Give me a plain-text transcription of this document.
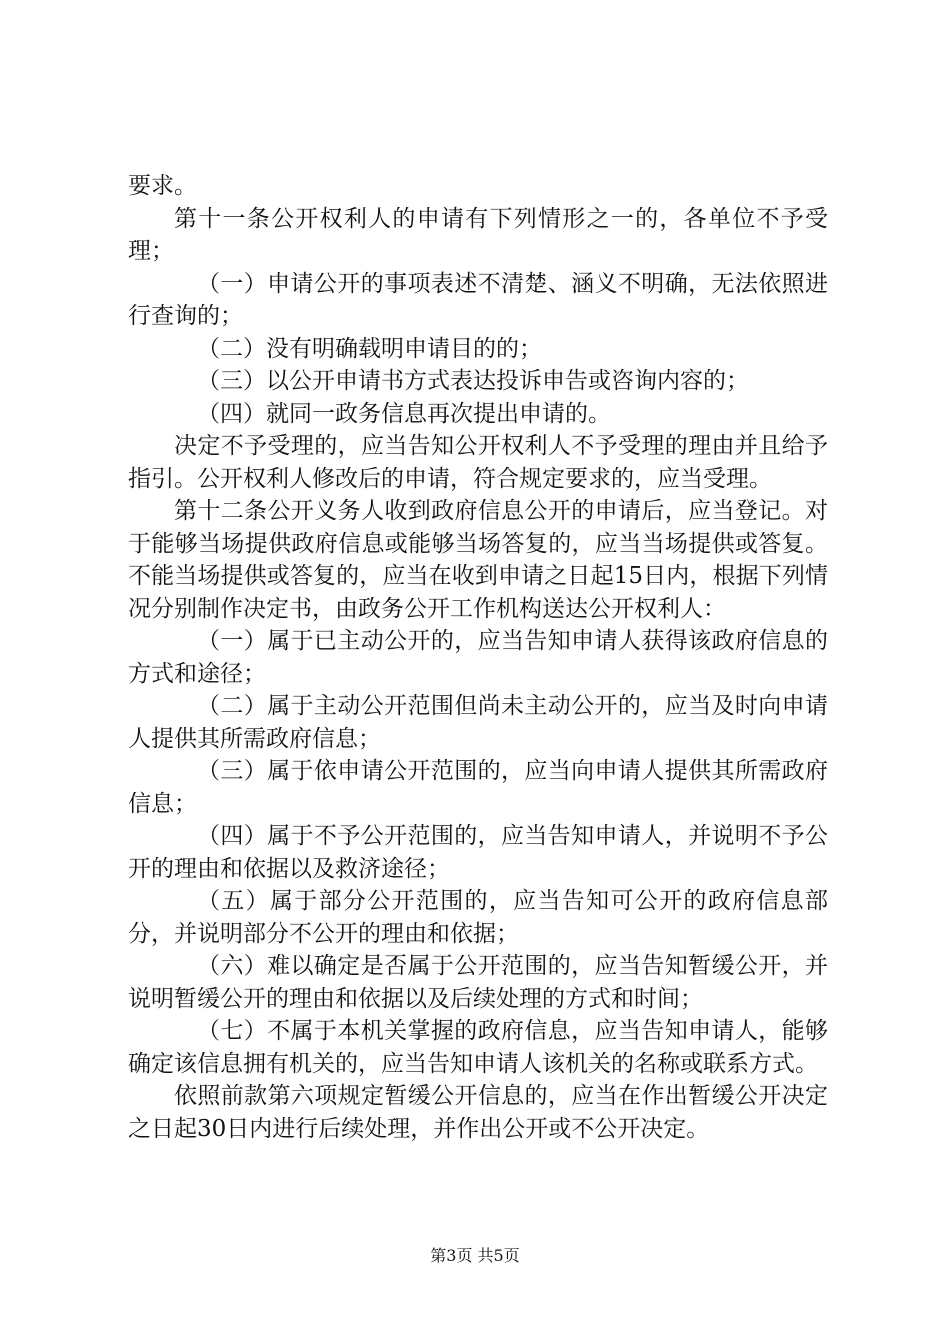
要求。

第十一条公开权利人的申请有下列情形之一的，各单位不予受理；

（一）申请公开的事项表述不清楚、涵义不明确，无法依照进行查询的；

（二）没有明确载明申请目的的；

（三）以公开申请书方式表达投诉申告或咨询内容的；

（四）就同一政务信息再次提出申请的。

决定不予受理的，应当告知公开权利人不予受理的理由并且给予指引。公开权利人修改后的申请，符合规定要求的，应当受理。

第十二条公开义务人收到政府信息公开的申请后，应当登记。对于能够当场提供政府信息或能够当场答复的，应当当场提供或答复。不能当场提供或答复的，应当在收到申请之日起15日内，根据下列情况分别制作决定书，由政务公开工作机构送达公开权利人：

（一）属于已主动公开的，应当告知申请人获得该政府信息的方式和途径；

（二）属于主动公开范围但尚未主动公开的，应当及时向申请人提供其所需政府信息；

（三）属于依申请公开范围的，应当向申请人提供其所需政府信息；

（四）属于不予公开范围的，应当告知申请人，并说明不予公开的理由和依据以及救济途径；

（五）属于部分公开范围的，应当告知可公开的政府信息部分，并说明部分不公开的理由和依据；

（六）难以确定是否属于公开范围的，应当告知暂缓公开，并说明暂缓公开的理由和依据以及后续处理的方式和时间；

（七）不属于本机关掌握的政府信息，应当告知申请人，能够确定该信息拥有机关的，应当告知申请人该机关的名称或联系方式。

依照前款第六项规定暂缓公开信息的，应当在作出暂缓公开决定之日起30日内进行后续处理，并作出公开或不公开决定。

第3页 共5页
